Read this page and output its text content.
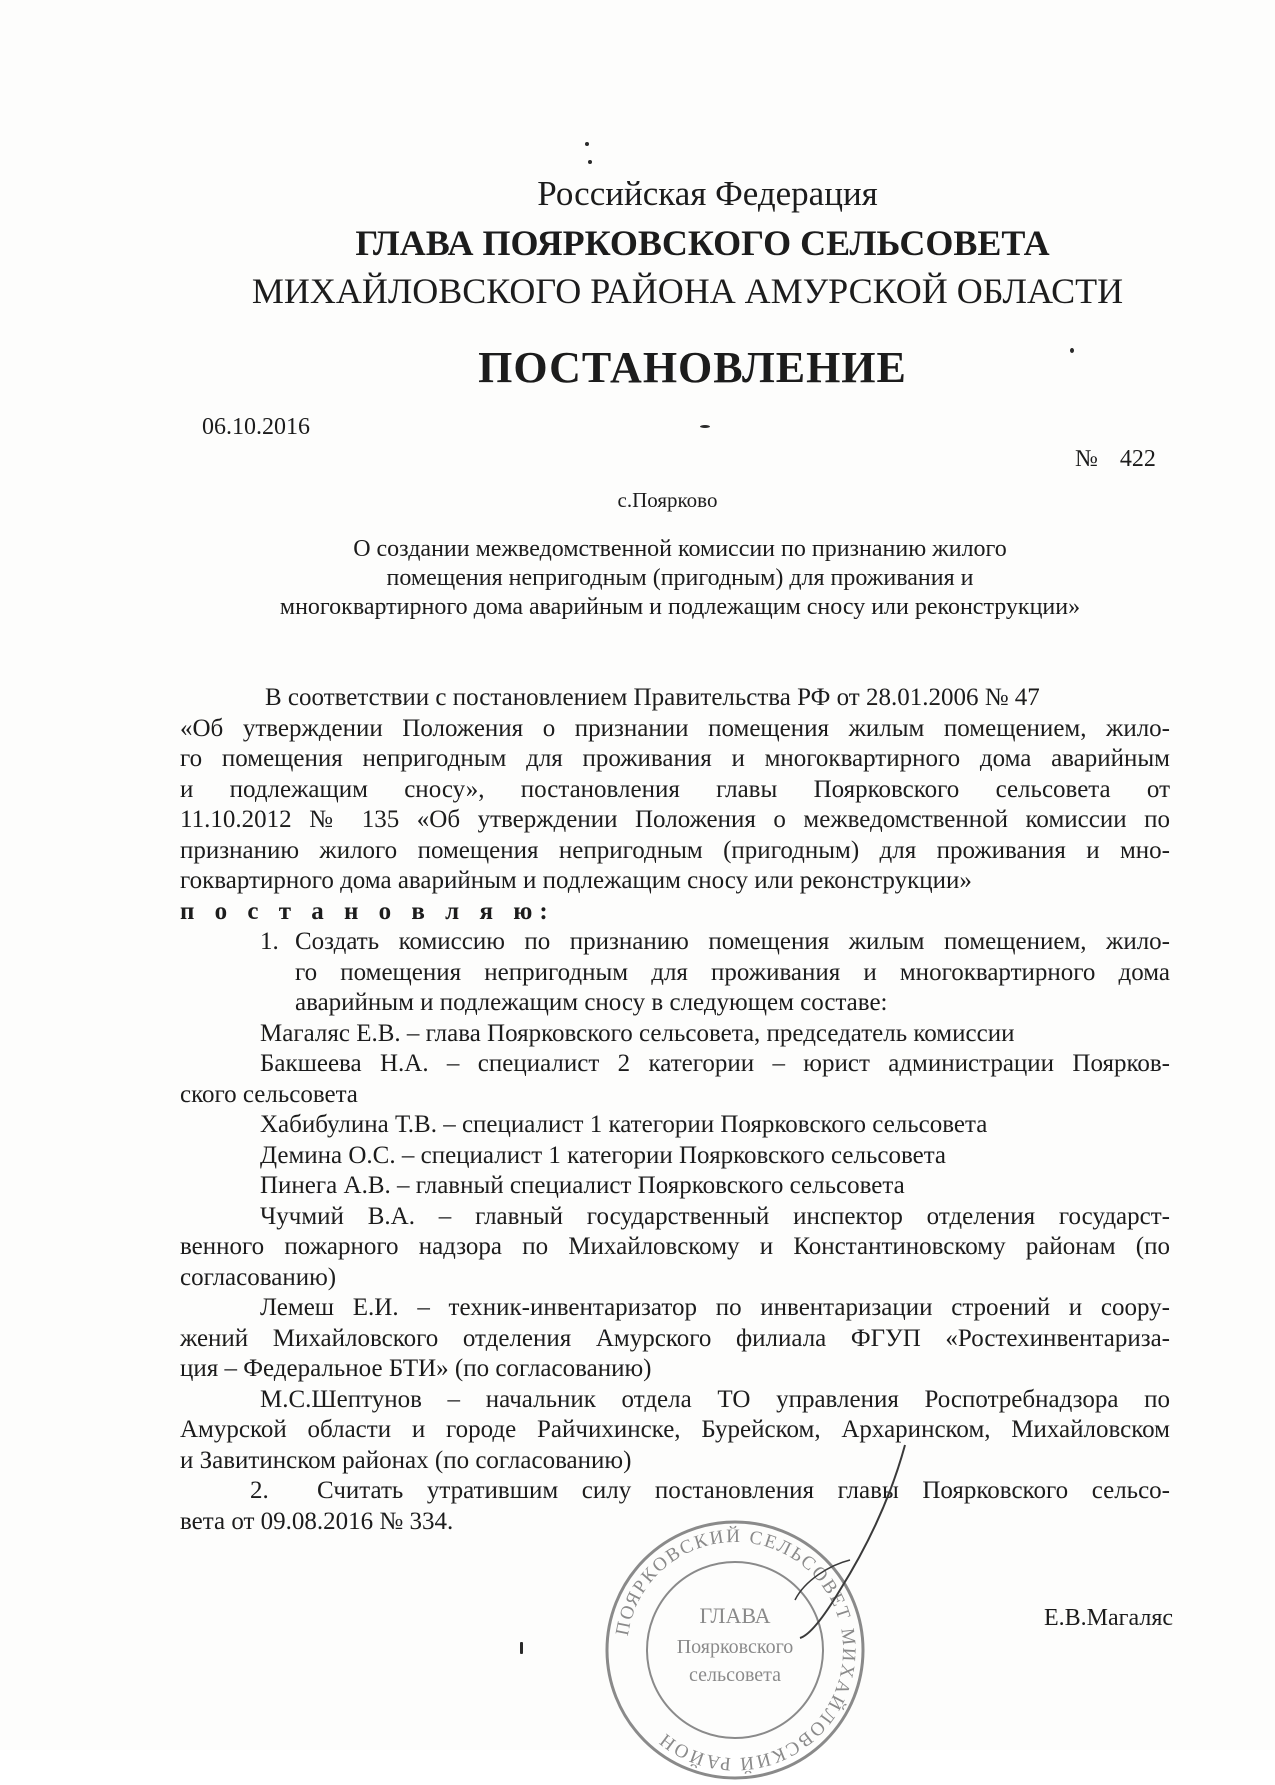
Российская Федерация
ГЛАВА ПОЯРКОВСКОГО СЕЛЬСОВЕТА
МИХАЙЛОВСКОГО РАЙОНА АМУРСКОЙ ОБЛАСТИ
ПОСТАНОВЛЕНИЕ
06.10.2016
№ 422
с.Поярково
О создании межведомственной комиссии по признанию жилого
помещения непригодным (пригодным) для проживания и
многоквартирного дома аварийным и подлежащим сносу или реконструкции»
В соответствии с постановлением Правительства РФ от 28.01.2006 № 47
«Об утверждении Положения о признании помещения жилым помещением, жило-
го помещения непригодным для проживания и многоквартирного дома аварийным
и подлежащим сносу», постановления главы Поярковского сельсовета от
11.10.2012 № 135 «Об утверждении Положения о межведомственной комиссии по
признанию жилого помещения непригодным (пригодным) для проживания и мно-
гоквартирного дома аварийным и подлежащим сносу или реконструкции»
п о с т а н о в л я ю:
1. Создать комиссию по признанию помещения жилым помещением, жило-
го помещения непригодным для проживания и многоквартирного дома
аварийным и подлежащим сносу в следующем составе:
Магаляс Е.В. – глава Поярковского сельсовета, председатель комиссии
Бакшеева Н.А. – специалист 2 категории – юрист администрации Поярков-
ского сельсовета
Хабибулина Т.В. – специалист 1 категории Поярковского сельсовета
Демина О.С. – специалист 1 категории Поярковского сельсовета
Пинега А.В. – главный специалист Поярковского сельсовета
Чучмий В.А. – главный государственный инспектор отделения государст-
венного пожарного надзора по Михайловскому и Константиновскому районам (по
согласованию)
Лемеш Е.И. – техник-инвентаризатор по инвентаризации строений и соору-
жений Михайловского отделения Амурского филиала ФГУП «Ростехинвентариза-
ция – Федеральное БТИ» (по согласованию)
М.С.Шептунов – начальник отдела ТО управления Роспотребнадзора по
Амурской области и городе Райчихинске, Бурейском, Архаринском, Михайловском
и Завитинском районах (по согласованию)
2. Считать утратившим силу постановления главы Поярковского сельсо-
вета от 09.08.2016 № 334.
ПОЯРКОВСКИЙ СЕЛЬСОВЕТ МИХАЙЛОВСКИЙ РАЙОН
ГЛАВА
Поярковского
сельсовета
Е.В.Магаляс
